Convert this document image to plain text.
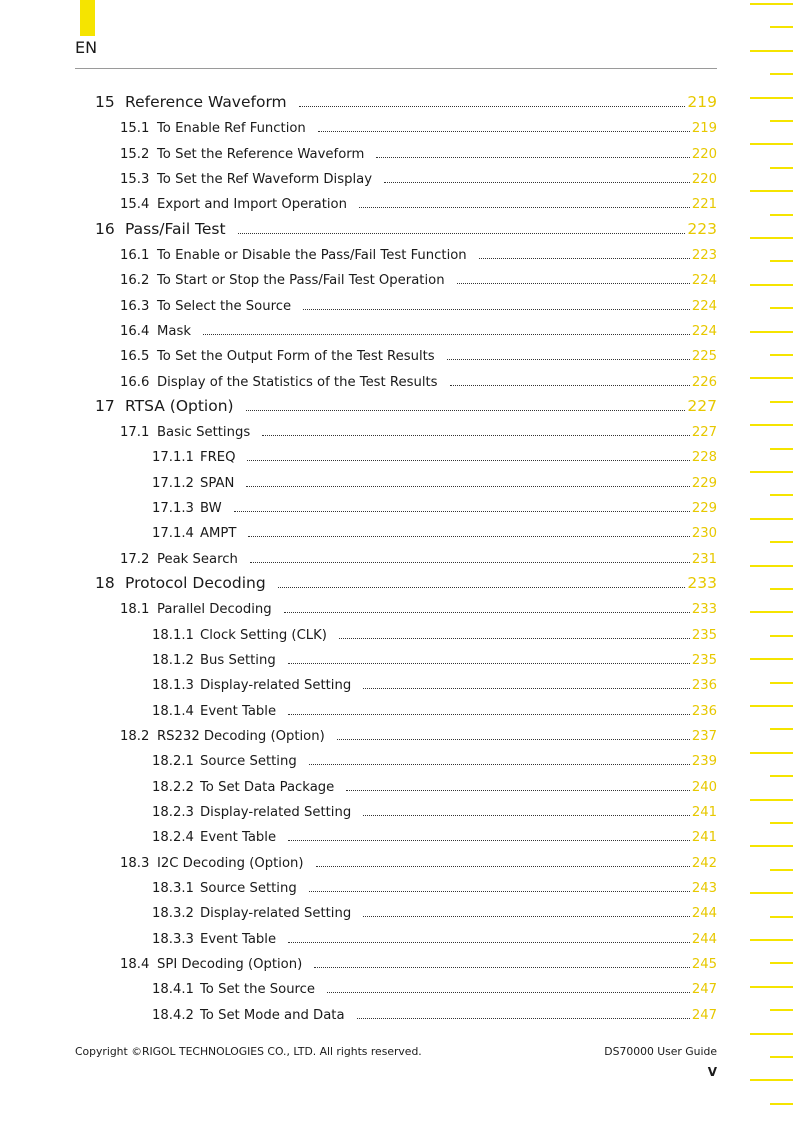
EN
15 Reference Waveform	219
15.1 To Enable Ref Function	219
15.2 To Set the Reference Waveform	220
15.3 To Set the Ref Waveform Display	220
15.4 Export and Import Operation	221
16 Pass/Fail Test	223
16.1 To Enable or Disable the Pass/Fail Test Function	223
16.2 To Start or Stop the Pass/Fail Test Operation	224
16.3 To Select the Source	224
16.4 Mask	224
16.5 To Set the Output Form of the Test Results	225
16.6 Display of the Statistics of the Test Results	226
17 RTSA (Option)	227
17.1 Basic Settings	227
17.1.1 FREQ	228
17.1.2 SPAN	229
17.1.3 BW	229
17.1.4 AMPT	230
17.2 Peak Search	231
18 Protocol Decoding	233
18.1 Parallel Decoding	233
18.1.1 Clock Setting (CLK)	235
18.1.2 Bus Setting	235
18.1.3 Display-related Setting	236
18.1.4 Event Table	236
18.2 RS232 Decoding (Option)	237
18.2.1 Source Setting	239
18.2.2 To Set Data Package	240
18.2.3 Display-related Setting	241
18.2.4 Event Table	241
18.3 I2C Decoding (Option)	242
18.3.1 Source Setting	243
18.3.2 Display-related Setting	244
18.3.3 Event Table	244
18.4 SPI Decoding (Option)	245
18.4.1 To Set the Source	247
18.4.2 To Set Mode and Data	247
Copyright ©RIGOL TECHNOLOGIES CO., LTD. All rights reserved.	DS70000 User Guide
V
